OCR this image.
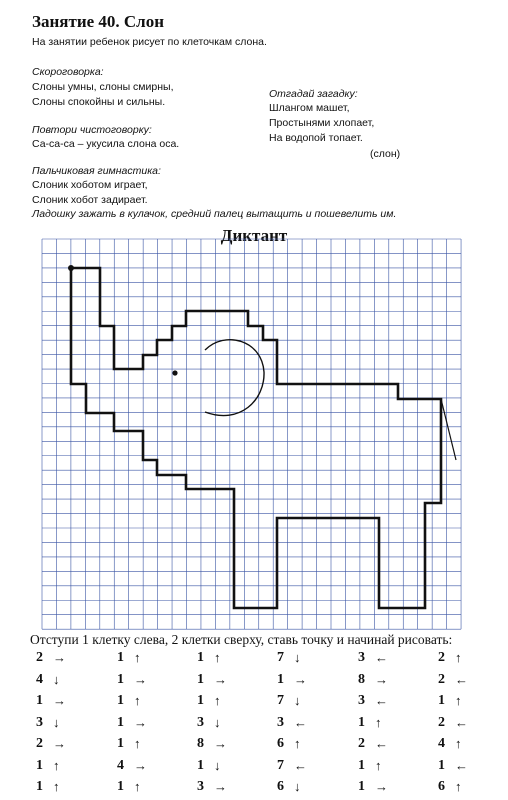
Занятие 40. Слон
На занятии ребенок рисует по клеточкам слона.
Скороговорка:
Слоны умны, слоны смирны,
Слоны спокойны и сильны.
Отгадай загадку:
Шлангом машет,
Простынями хлопает,
На водопой топает.
(слон)
Повтори чистоговорку:
Са-са-са – укусила слона оса.
Пальчиковая гимнастика:
Слоник хоботом играет,
Слоник хобот задирает.
Ладошку зажать в кулачок, средний палец вытащить и пошевелить им.
Диктант
Отступи 1 клетку слева, 2 клетки сверху, ставь точку и начинай рисовать:
2 →	1 ↑	1 ↑	7 ↓	3 ←	2 ↑
4 ↓	1 →	1 →	1 →	8 →	2 ←
1 →	1 ↑	1 ↑	7 ↓	3 ←	1 ↑
3 ↓	1 →	3 ↓	3 ←	1 ↑	2 ←
2 →	1 ↑	8 →	6 ↑	2 ←	4 ↑
1 ↑	4 →	1 ↓	7 ←	1 ↑	1 ←
1 ↑	1 ↑	3 →	6 ↓	1 →	6 ↑
